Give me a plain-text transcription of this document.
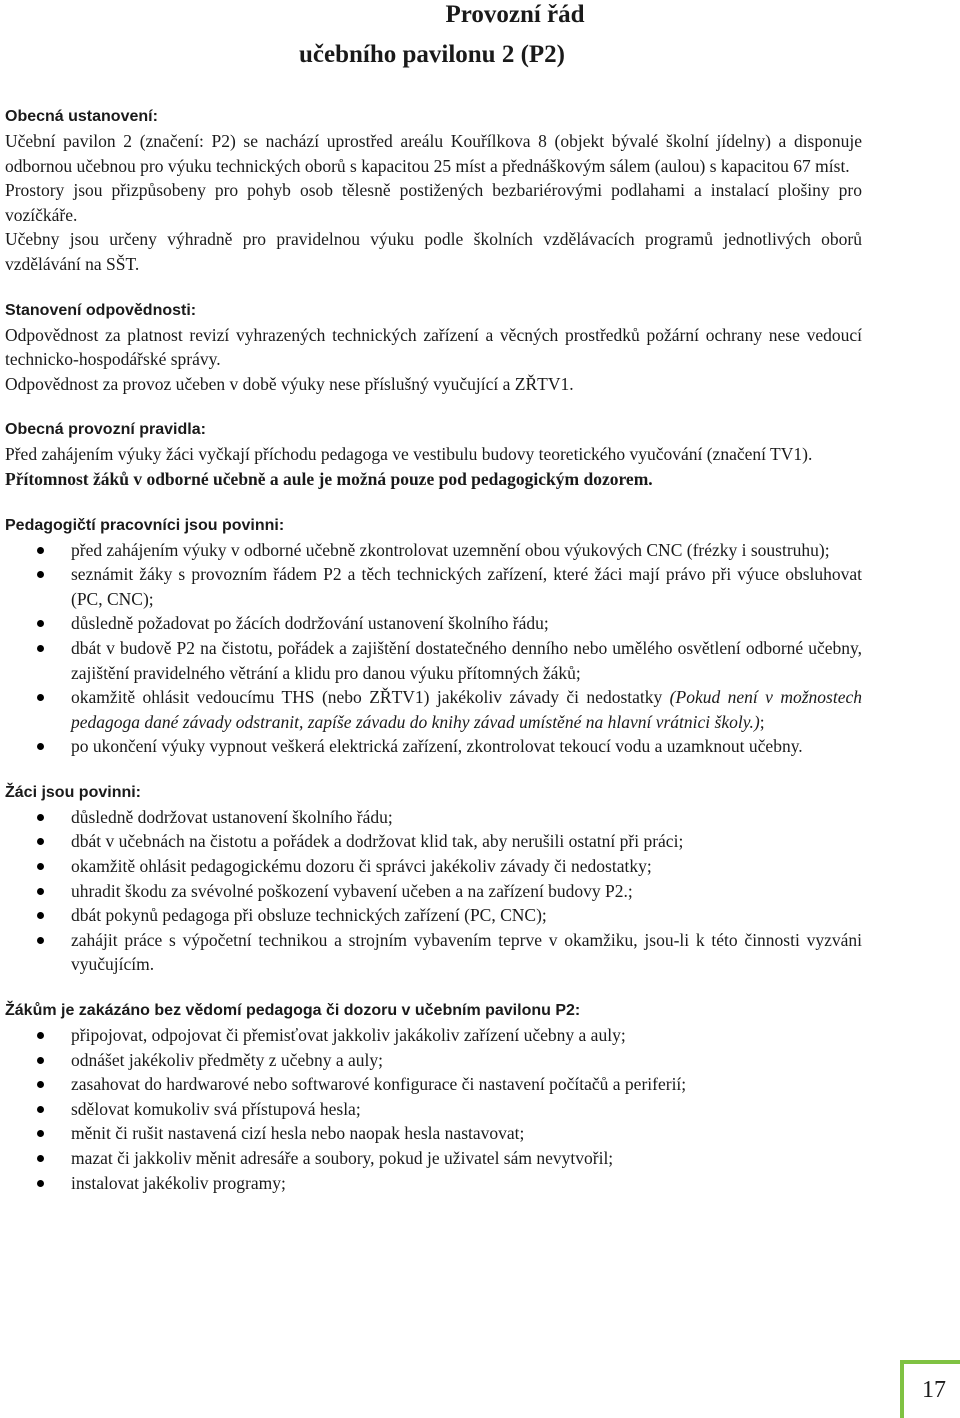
Provozní řád
učebního pavilonu 2 (P2)
Obecná ustanovení:

Učební pavilon 2 (značení: P2) se nachází uprostřed areálu Kouřílkova 8 (objekt bývalé školní jídelny) a disponuje odbornou učebnou pro výuku technických oborů s kapacitou 25 míst a přednáškovým sálem (aulou) s kapacitou 67 míst.

Prostory jsou přizpůsobeny pro pohyb osob tělesně postižených bezbariérovými podlahami a instalací plošiny pro vozíčkáře.

Učebny jsou určeny výhradně pro pravidelnou výuku podle školních vzdělávacích programů jednotlivých oborů vzdělávání na SŠT.

Stanovení odpovědnosti:

Odpovědnost za platnost revizí vyhrazených technických zařízení a věcných prostředků požární ochrany nese vedoucí technicko-hospodářské správy.

Odpovědnost za provoz učeben v době výuky nese příslušný vyučující a ZŘTV1.

Obecná provozní pravidla:

Před zahájením výuky žáci vyčkají příchodu pedagoga ve vestibulu budovy teoretického vyučování (značení TV1).

Přítomnost žáků v odborné učebně a aule je možná pouze pod pedagogickým dozorem.

Pedagogičtí pracovníci jsou povinni:
před zahájením výuky v odborné učebně zkontrolovat uzemnění obou výukových CNC (frézky i soustruhu);
seznámit žáky s provozním řádem P2 a těch technických zařízení, které žáci mají právo při výuce obsluhovat (PC, CNC);
důsledně požadovat po žácích dodržování ustanovení školního řádu;
dbát v budově P2 na čistotu, pořádek a zajištění dostatečného denního nebo umělého osvětlení odborné učebny, zajištění pravidelného větrání a klidu pro danou výuku přítomných žáků;
okamžitě ohlásit vedoucímu THS (nebo ZŘTV1) jakékoliv závady či nedostatky (Pokud není v možnostech pedagoga dané závady odstranit, zapíše závadu do knihy závad umístěné na hlavní vrátnici školy.);
po ukončení výuky vypnout veškerá elektrická zařízení, zkontrolovat tekoucí vodu a uzamknout učebny.
Žáci jsou povinni:
důsledně dodržovat ustanovení školního řádu;
dbát v učebnách na čistotu a pořádek a dodržovat klid tak, aby nerušili ostatní při práci;
okamžitě ohlásit pedagogickému dozoru či správci jakékoliv závady či nedostatky;
uhradit škodu za svévolné poškození vybavení učeben a na zařízení budovy P2.;
dbát pokynů pedagoga při obsluze technických zařízení (PC, CNC);
zahájit práce s výpočetní technikou a strojním vybavením teprve v okamžiku, jsou-li k této činnosti vyzváni vyučujícím.
Žákům je zakázáno bez vědomí pedagoga či dozoru v učebním pavilonu P2:
připojovat, odpojovat či přemisťovat jakkoliv jakákoliv zařízení učebny a auly;
odnášet jakékoliv předměty z učebny a auly;
zasahovat do hardwarové nebo softwarové konfigurace či nastavení počítačů a periferií;
sdělovat komukoliv svá přístupová hesla;
měnit či rušit nastavená cizí hesla nebo naopak hesla nastavovat;
mazat či jakkoliv měnit adresáře a soubory, pokud je uživatel sám nevytvořil;
instalovat jakékoliv programy;
17
